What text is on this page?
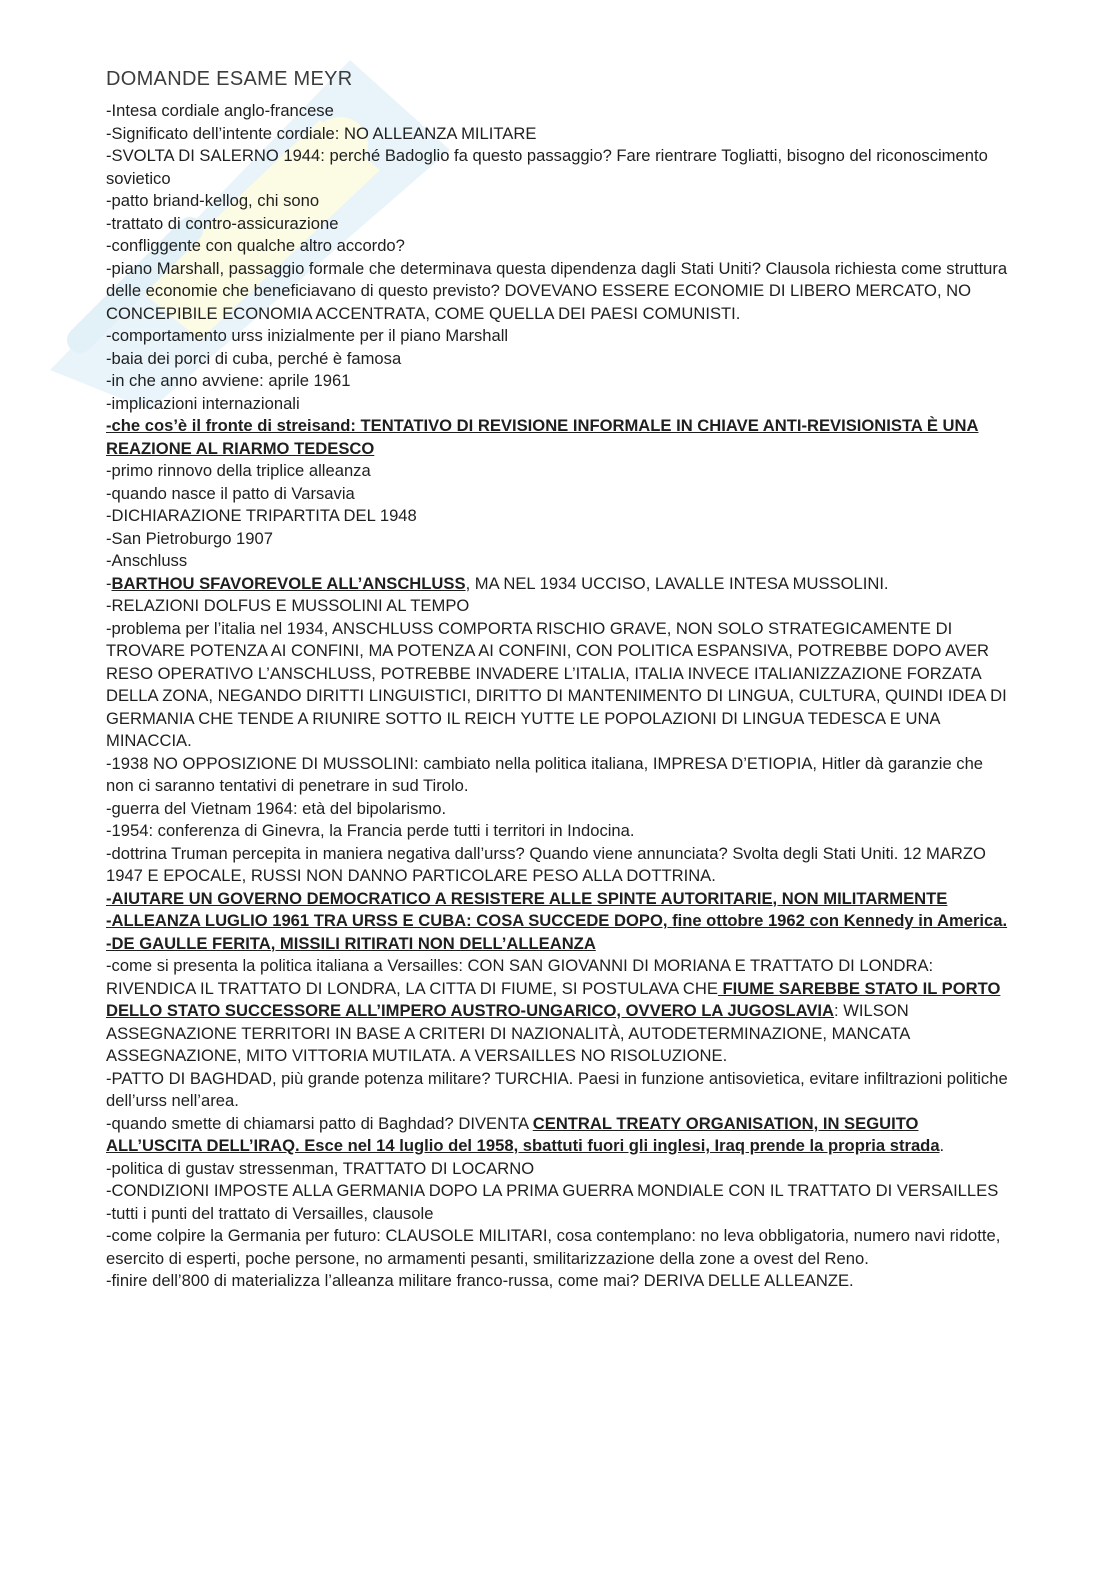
DOMANDE ESAME MEYR

-Intesa cordiale anglo-francese

-Significato dell’intente cordiale: NO ALLEANZA MILITARE

-SVOLTA DI SALERNO 1944: perché Badoglio fa questo passaggio? Fare rientrare Togliatti, bisogno del riconoscimento sovietico

-patto briand-kellog, chi sono

-trattato di contro-assicurazione

-confliggente con qualche altro accordo?

-piano Marshall, passaggio formale che determinava questa dipendenza dagli Stati Uniti? Clausola richiesta come struttura delle economie che beneficiavano di questo previsto? DOVEVANO ESSERE ECONOMIE DI LIBERO MERCATO, NO CONCEPIBILE ECONOMIA ACCENTRATA, COME QUELLA DEI PAESI COMUNISTI.

-comportamento urss inizialmente per il piano Marshall

-baia dei porci di cuba, perché è famosa

-in che anno avviene: aprile 1961

-implicazioni internazionali

-che cos’è il fronte di streisand: TENTATIVO DI REVISIONE INFORMALE IN CHIAVE ANTI-REVISIONISTA È UNA REAZIONE AL RIARMO TEDESCO

-primo rinnovo della triplice alleanza

-quando nasce il patto di Varsavia

-DICHIARAZIONE TRIPARTITA DEL 1948

-San Pietroburgo 1907

-Anschluss

-BARTHOU SFAVOREVOLE ALL’ANSCHLUSS, MA NEL 1934 UCCISO, LAVALLE INTESA MUSSOLINI.

-RELAZIONI DOLFUS E MUSSOLINI AL TEMPO

-problema per l’italia nel 1934, ANSCHLUSS COMPORTA RISCHIO GRAVE, NON SOLO STRATEGICAMENTE DI TROVARE POTENZA AI CONFINI, MA POTENZA AI CONFINI, CON POLITICA ESPANSIVA, POTREBBE DOPO AVER RESO OPERATIVO L’ANSCHLUSS, POTREBBE INVADERE L’ITALIA, ITALIA INVECE ITALIANIZZAZIONE FORZATA DELLA ZONA, NEGANDO DIRITTI LINGUISTICI, DIRITTO DI MANTENIMENTO DI LINGUA, CULTURA, QUINDI IDEA DI GERMANIA CHE TENDE A RIUNIRE SOTTO IL REICH YUTTE LE POPOLAZIONI DI LINGUA TEDESCA E UNA MINACCIA.

-1938 NO OPPOSIZIONE DI MUSSOLINI: cambiato nella politica italiana, IMPRESA D’ETIOPIA, Hitler dà garanzie che non ci saranno tentativi di penetrare in sud Tirolo.

-guerra del Vietnam 1964: età del bipolarismo.

-1954: conferenza di Ginevra, la Francia perde tutti i territori in Indocina.

-dottrina Truman percepita in maniera negativa dall’urss? Quando viene annunciata? Svolta degli Stati Uniti. 12 MARZO 1947 E EPOCALE, RUSSI NON DANNO PARTICOLARE PESO ALLA DOTTRINA.

-AIUTARE UN GOVERNO DEMOCRATICO A RESISTERE ALLE SPINTE AUTORITARIE, NON MILITARMENTE

-ALLEANZA LUGLIO 1961 TRA URSS E CUBA: COSA SUCCEDE DOPO, fine ottobre 1962 con Kennedy in America.

-DE GAULLE FERITA, MISSILI RITIRATI NON DELL’ALLEANZA

-come si presenta la politica italiana a Versailles: CON SAN GIOVANNI DI MORIANA E TRATTATO DI LONDRA: RIVENDICA IL TRATTATO DI LONDRA, LA CITTA DI FIUME, SI POSTULAVA CHE FIUME SAREBBE STATO IL PORTO DELLO STATO SUCCESSORE ALL’IMPERO AUSTRO-UNGARICO, OVVERO LA JUGOSLAVIA: WILSON ASSEGNAZIONE TERRITORI IN BASE A CRITERI DI NAZIONALITÀ, AUTODETERMINAZIONE, MANCATA ASSEGNAZIONE, MITO VITTORIA MUTILATA. A VERSAILLES NO RISOLUZIONE.

-PATTO DI BAGHDAD, più grande potenza militare? TURCHIA. Paesi in funzione antisovietica, evitare infiltrazioni politiche dell’urss nell’area.

-quando smette di chiamarsi patto di Baghdad? DIVENTA CENTRAL TREATY ORGANISATION, IN SEGUITO ALL’USCITA DELL’IRAQ. Esce nel 14 luglio del 1958, sbattuti fuori gli inglesi, Iraq prende la propria strada.

-politica di gustav stressenman, TRATTATO DI LOCARNO

-CONDIZIONI IMPOSTE ALLA GERMANIA DOPO LA PRIMA GUERRA MONDIALE CON IL TRATTATO DI VERSAILLES

-tutti i punti del trattato di Versailles, clausole

-come colpire la Germania per futuro: CLAUSOLE MILITARI, cosa contemplano: no leva obbligatoria, numero navi ridotte, esercito di esperti, poche persone, no armamenti pesanti, smilitarizzazione della zone a ovest del Reno.

-finire dell’800 di materializza l’alleanza militare franco-russa, come mai? DERIVA DELLE ALLEANZE.
